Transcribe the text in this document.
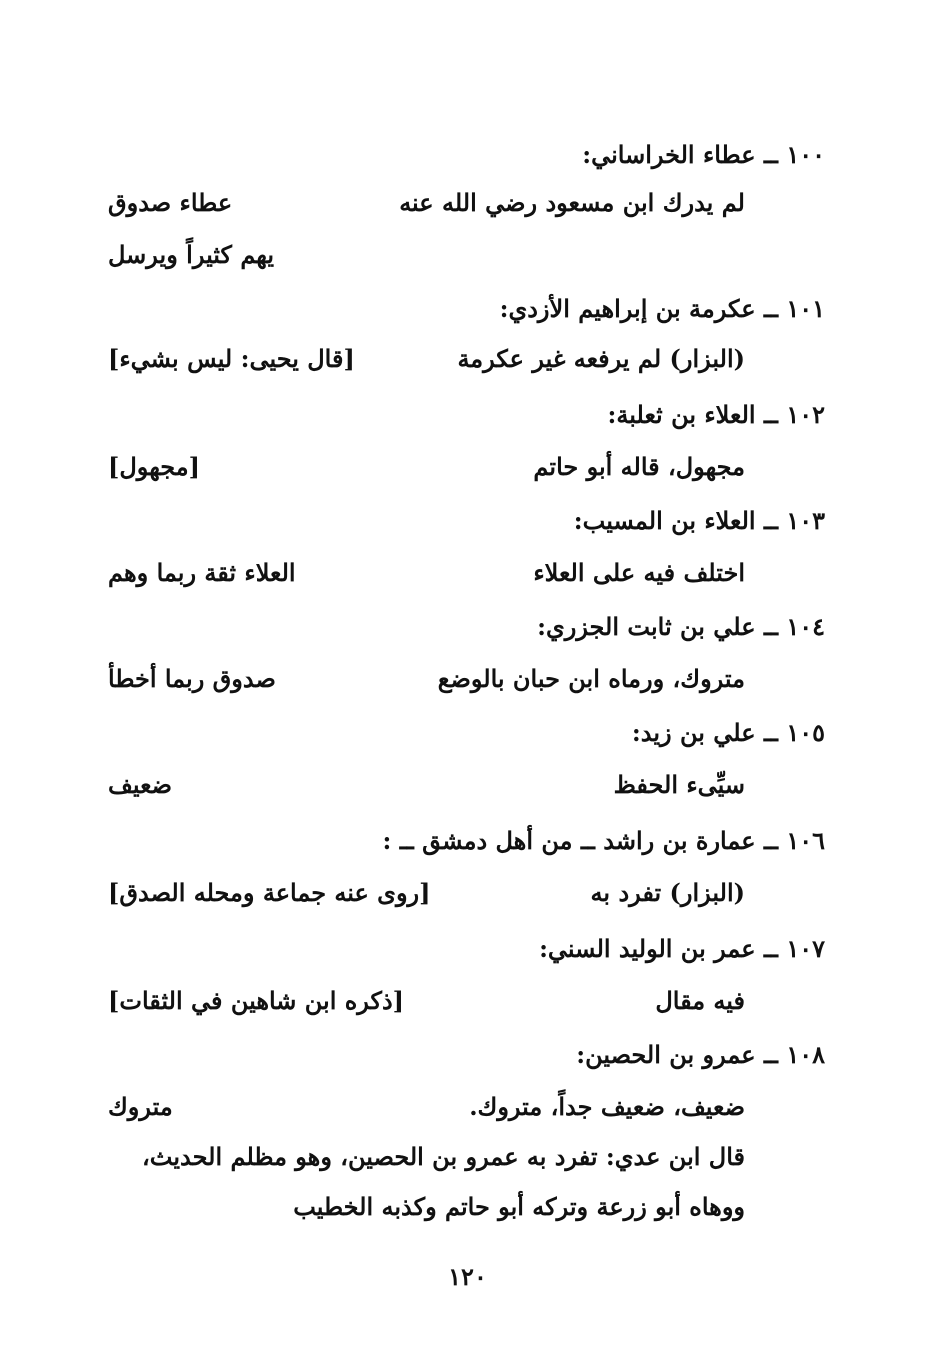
١٠٠ ــ عطاء الخراساني:
لم يدرك ابن مسعود رضي الله عنه
عطاء صدوق
يهم كثيراً ويرسل
١٠١ ــ عكرمة بن إبراهيم الأزدي:
(البزار) لم يرفعه غير عكرمة
[قال يحيى: ليس بشيء]
١٠٢ ــ العلاء بن ثعلبة:
مجهول، قاله أبو حاتم
[مجهول]
١٠٣ ــ العلاء بن المسيب:
اختلف فيه على العلاء
العلاء ثقة ربما وهم
١٠٤ ــ علي بن ثابت الجزري:
متروك، ورماه ابن حبان بالوضع
صدوق ربما أخطأ
١٠٥ ــ علي بن زيد:
سيِّىء الحفظ
ضعيف
١٠٦ ــ عمارة بن راشد ــ من أهل دمشق ــ :
(البزار) تفرد به
[روى عنه جماعة ومحله الصدق]
١٠٧ ــ عمر بن الوليد السني:
فيه مقال
[ذكره ابن شاهين في الثقات]
١٠٨ ــ عمرو بن الحصين:
ضعيف، ضعيف جداً، متروك.
متروك
قال ابن عدي: تفرد به عمرو بن الحصين، وهو مظلم الحديث،
ووهاه أبو زرعة وتركه أبو حاتم وكذبه الخطيب
١٢٠
